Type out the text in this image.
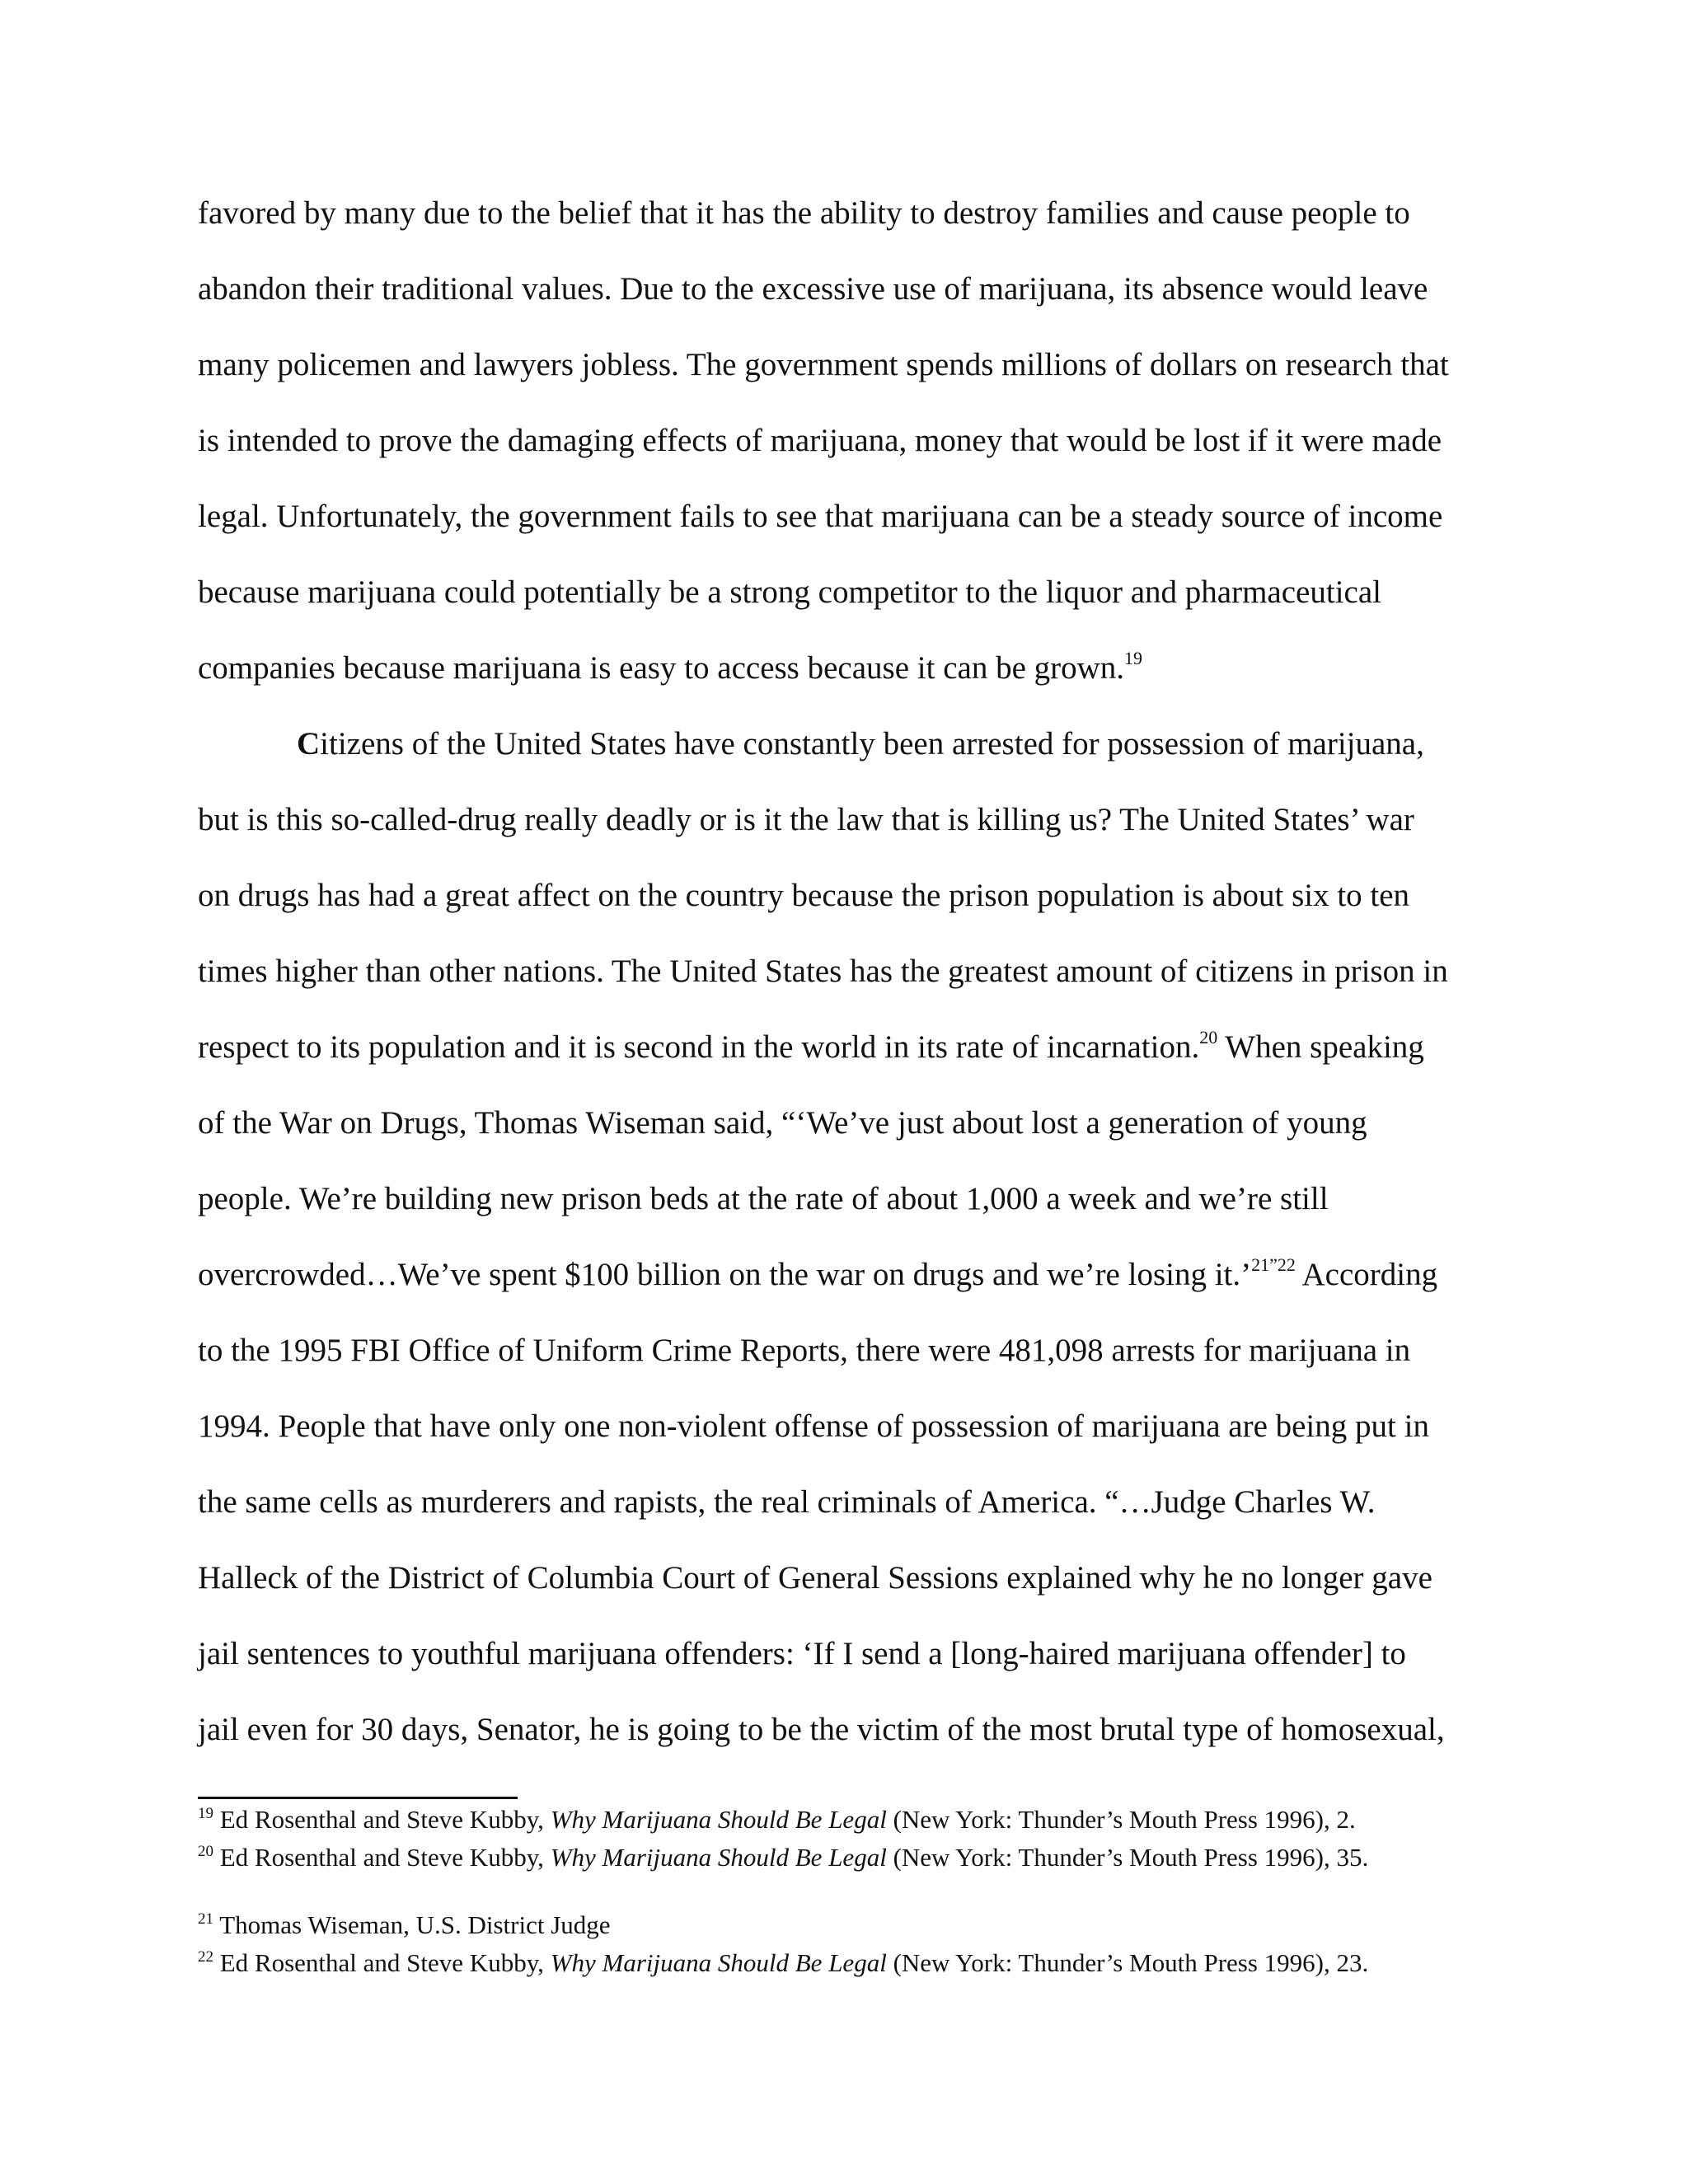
favored by many due to the belief that it has the ability to destroy families and cause people to
abandon their traditional values. Due to the excessive use of marijuana, its absence would leave
many policemen and lawyers jobless. The government spends millions of dollars on research that
is intended to prove the damaging effects of marijuana, money that would be lost if it were made
legal. Unfortunately, the government fails to see that marijuana can be a steady source of income
because marijuana could potentially be a strong competitor to the liquor and pharmaceutical
companies because marijuana is easy to access because it can be grown.$^{19}$
Citizens of the United States have constantly been arrested for possession of marijuana,
but is this so-called-drug really deadly or is it the law that is killing us? The United States’ war
on drugs has had a great affect on the country because the prison population is about six to ten
times higher than other nations. The United States has the greatest amount of citizens in prison in
respect to its population and it is second in the world in its rate of incarnation.$^{20}$ When speaking
of the War on Drugs, Thomas Wiseman said, “‘We’ve just about lost a generation of young
people. We’re building new prison beds at the rate of about 1,000 a week and we’re still
overcrowded…We’ve spent $100 billion on the war on drugs and we’re losing it.’$^{21”22}$ According
to the 1995 FBI Office of Uniform Crime Reports, there were 481,098 arrests for marijuana in
1994. People that have only one non-violent offense of possession of marijuana are being put in
the same cells as murderers and rapists, the real criminals of America. “…Judge Charles W.
Halleck of the District of Columbia Court of General Sessions explained why he no longer gave
jail sentences to youthful marijuana offenders: ‘If I send a [long-haired marijuana offender] to
jail even for 30 days, Senator, he is going to be the victim of the most brutal type of homosexual,
$^{19}$ Ed Rosenthal and Steve Kubby, Why Marijuana Should Be Legal (New York: Thunder’s Mouth Press 1996), 2.
$^{20}$ Ed Rosenthal and Steve Kubby, Why Marijuana Should Be Legal (New York: Thunder’s Mouth Press 1996), 35.
$^{21}$ Thomas Wiseman, U.S. District Judge
$^{22}$ Ed Rosenthal and Steve Kubby, Why Marijuana Should Be Legal (New York: Thunder’s Mouth Press 1996), 23.
